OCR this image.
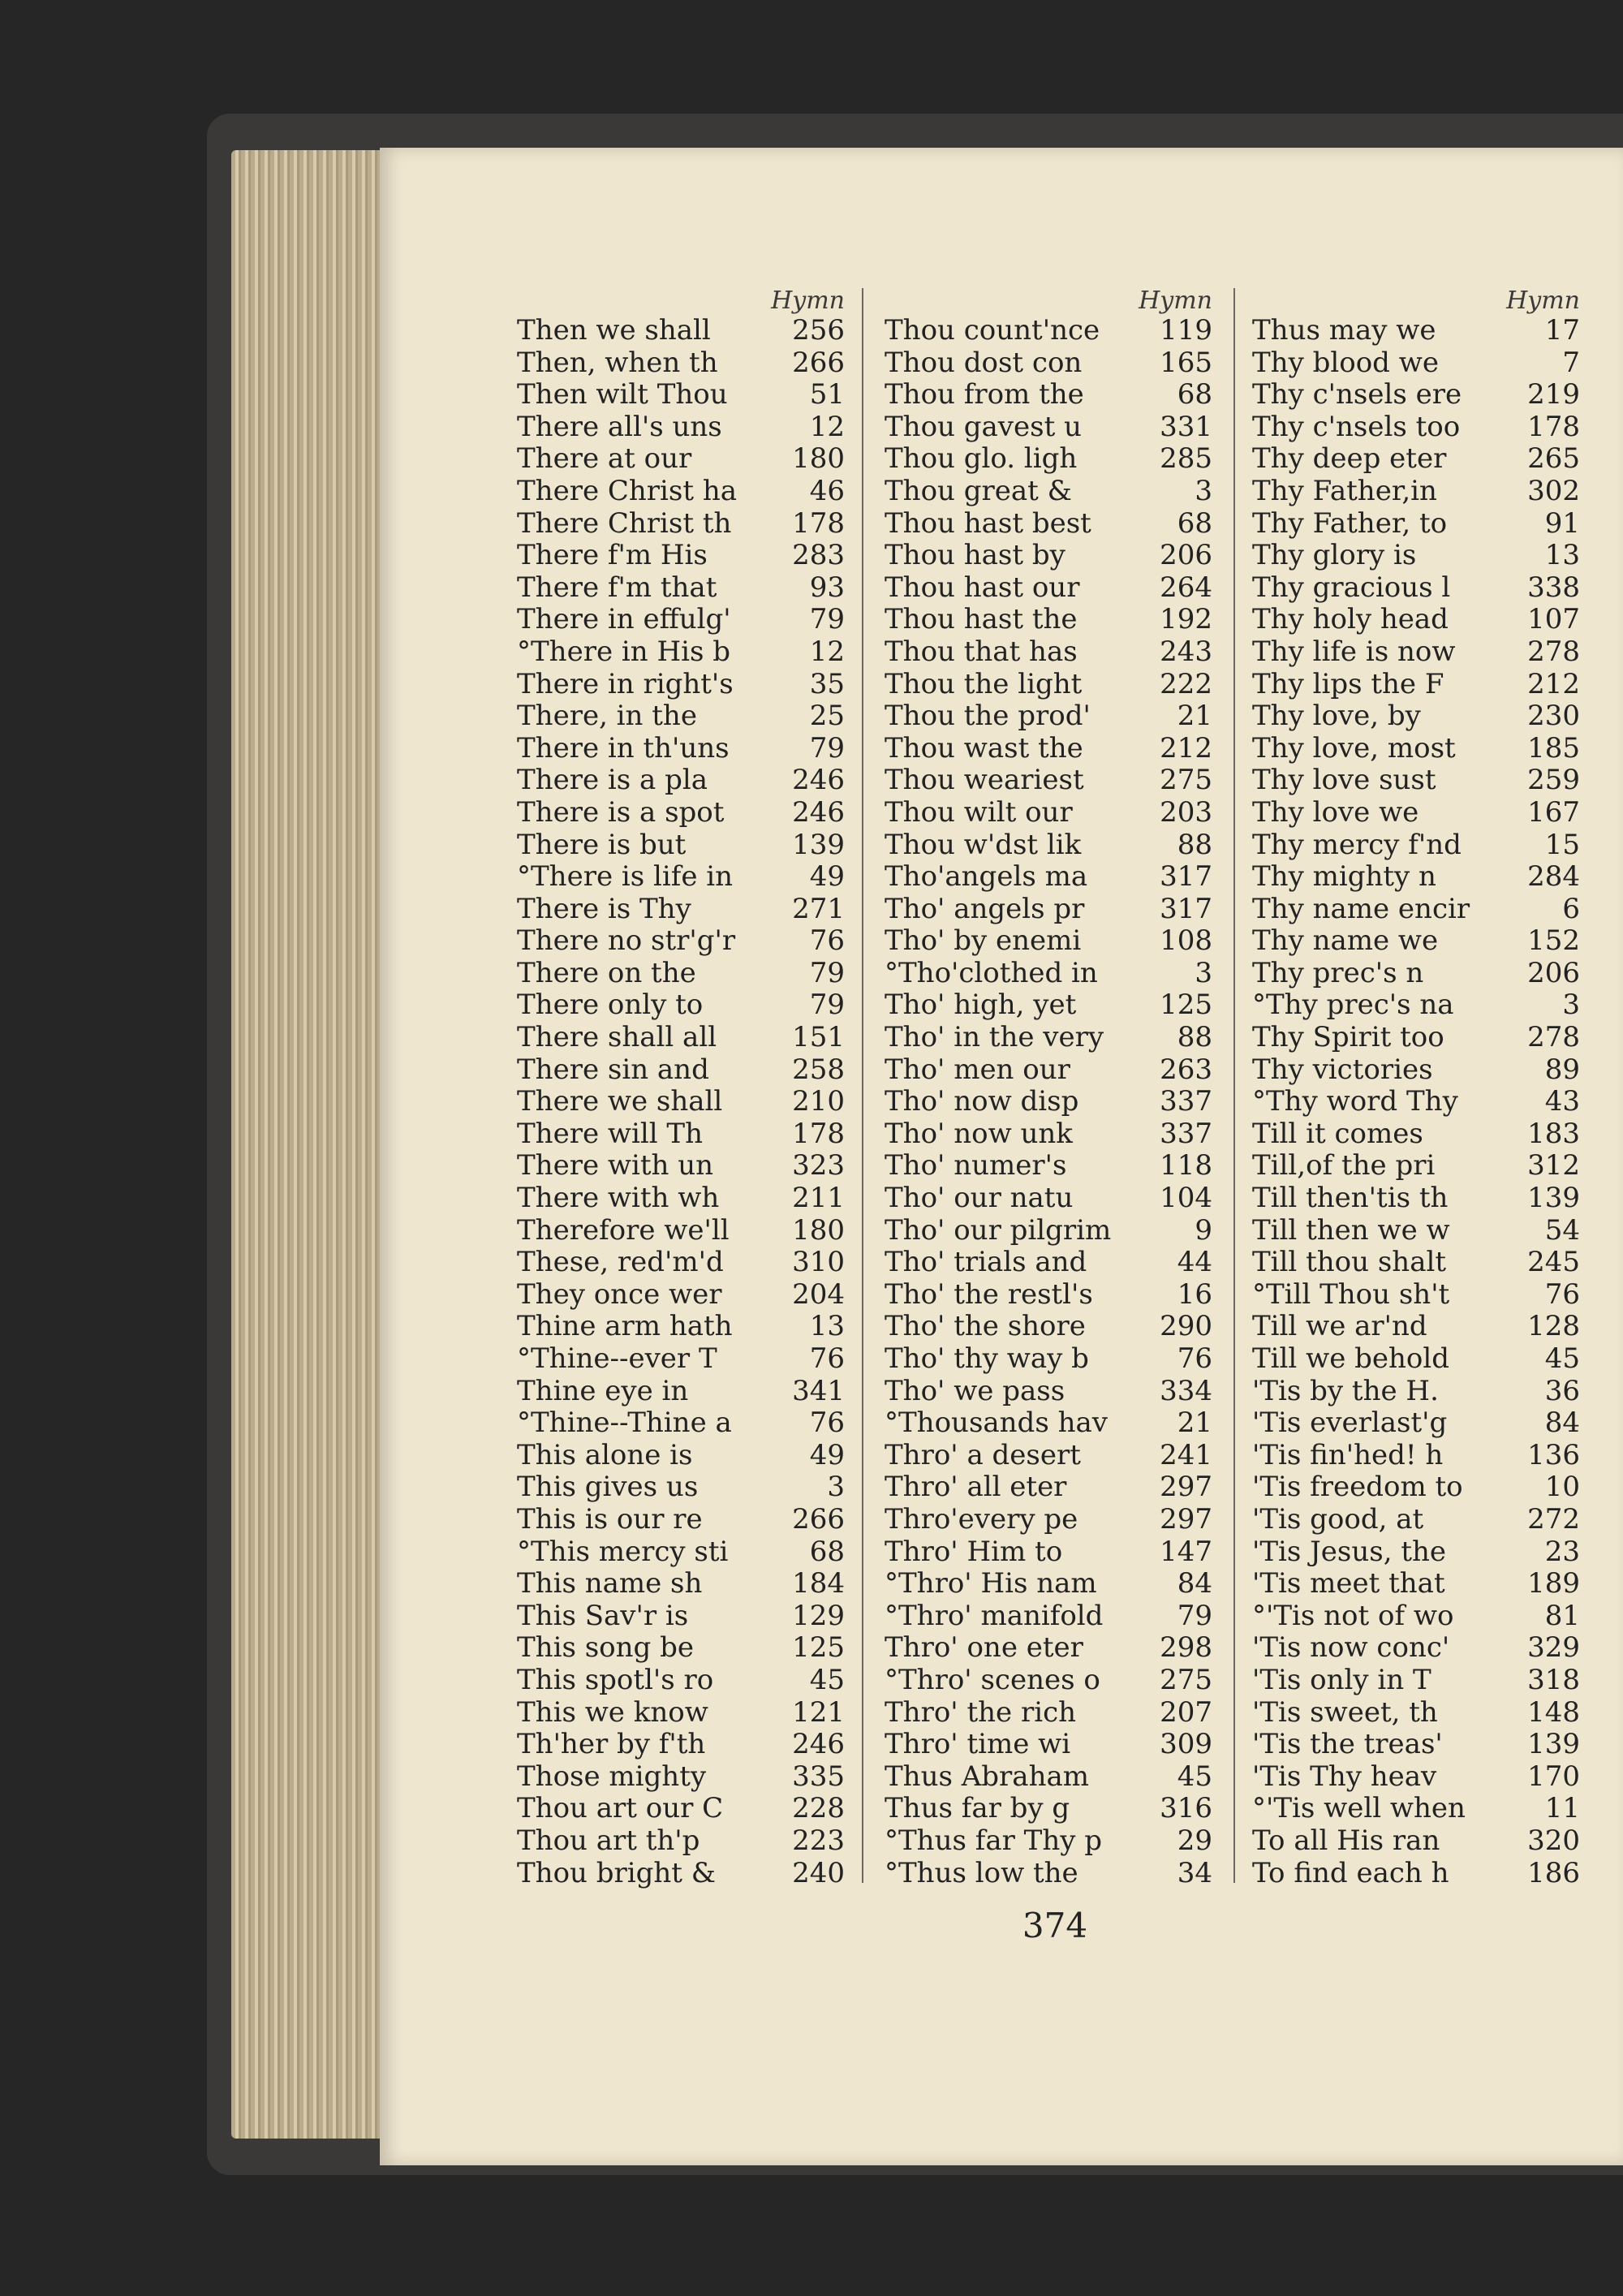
Hymn
Then we shall	256
Then, when th	266
Then wilt Thou	51
There all's uns	12
There at our	180
There Christ ha	46
There Christ th 178
There f'm His	283
There f'm that	93
There in effulg'	79
°There in His b	12
There in right's	35
There, in the	25
There in th'uns	79
There is a pla	246
There is a spot 246
There is but	139
°There is life in	49
There is Thy	271
There no str'g'r	76
There on the	79
There only to	79
There shall all	151
There sin and	258
There we shall	210
There will Th	178
There with un	323
There with wh	211
Therefore we'll 180
These, red'm'd 310
They once wer	204
Thine arm hath	13
°Thine--ever T	76
Thine eye in	341
°Thine--Thine a	76
This alone is	49
This gives us	3
This is our re	266
°This mercy sti	68
This name sh	184
This Sav'r is	129
This song be	125
This spotl's ro	45
This we know	121
Th'her by f'th	246
Those mighty	335
Thou art our C 228
Thou art th'p	223
Thou bright &	240
Hymn
Thou count'nce 119
Thou dost con	165
Thou from the	68
Thou gavest u	331
Thou glo. ligh	285
Thou great &	3
Thou hast best	68
Thou hast by	206
Thou hast our	264
Thou hast the	192
Thou that has	243
Thou the light	222
Thou the prod'	21
Thou wast the	212
Thou weariest	275
Thou wilt our	203
Thou w'dst lik	88
Tho'angels ma	317
Tho' angels pr	317
Tho' by enemi	108
°Tho'clothed in	3
Tho' high, yet	125
Tho' in the very	88
Tho' men our	263
Tho' now disp	337
Tho' now unk	337
Tho' numer's	118
Tho' our natu	104
Tho' our pilgrim	9
Tho' trials and	44
Tho' the restl's	16
Tho' the shore	290
Tho' thy way b	76
Tho' we pass	334
°Thousands hav	21
Thro' a desert	241
Thro' all eter	297
Thro'every pe	297
Thro' Him to	147
°Thro' His nam	84
°Thro' manifold	79
Thro' one eter	298
°Thro' scenes o 275
Thro' the rich	207
Thro' time wi	309
Thus Abraham	45
Thus far by g	316
°Thus far Thy p	29
°Thus low the	34
Hymn
Thus may we	17
Thy blood we	7
Thy c'nsels ere 219
Thy c'nsels too 178
Thy deep eter	265
Thy Father,in	302
Thy Father, to	91
Thy glory is	13
Thy gracious l	338
Thy holy head	107
Thy life is now	278
Thy lips the F	212
Thy love, by	230
Thy love, most	185
Thy love sust	259
Thy love we	167
Thy mercy f'nd	15
Thy mighty n	284
Thy name encir	6
Thy name we	152
Thy prec's n	206
°Thy prec's na	3
Thy Spirit too	278
Thy victories	89
°Thy word Thy	43
Till it comes	183
Till,of the pri	312
Till then'tis th	139
Till then we w	54
Till thou shalt	245
°Till Thou sh't	76
Till we ar'nd	128
Till we behold	45
'Tis by the H.	36
'Tis everlast'g	84
'Tis fin'hed! h	136
'Tis freedom to	10
'Tis good, at	272
'Tis Jesus, the	23
'Tis meet that	189
°'Tis not of wo	81
'Tis now conc'	329
'Tis only in T	318
'Tis sweet, th	148
'Tis the treas'	139
'Tis Thy heav	170
°'Tis well when	11
To all His ran	320
To find each h	186
374
